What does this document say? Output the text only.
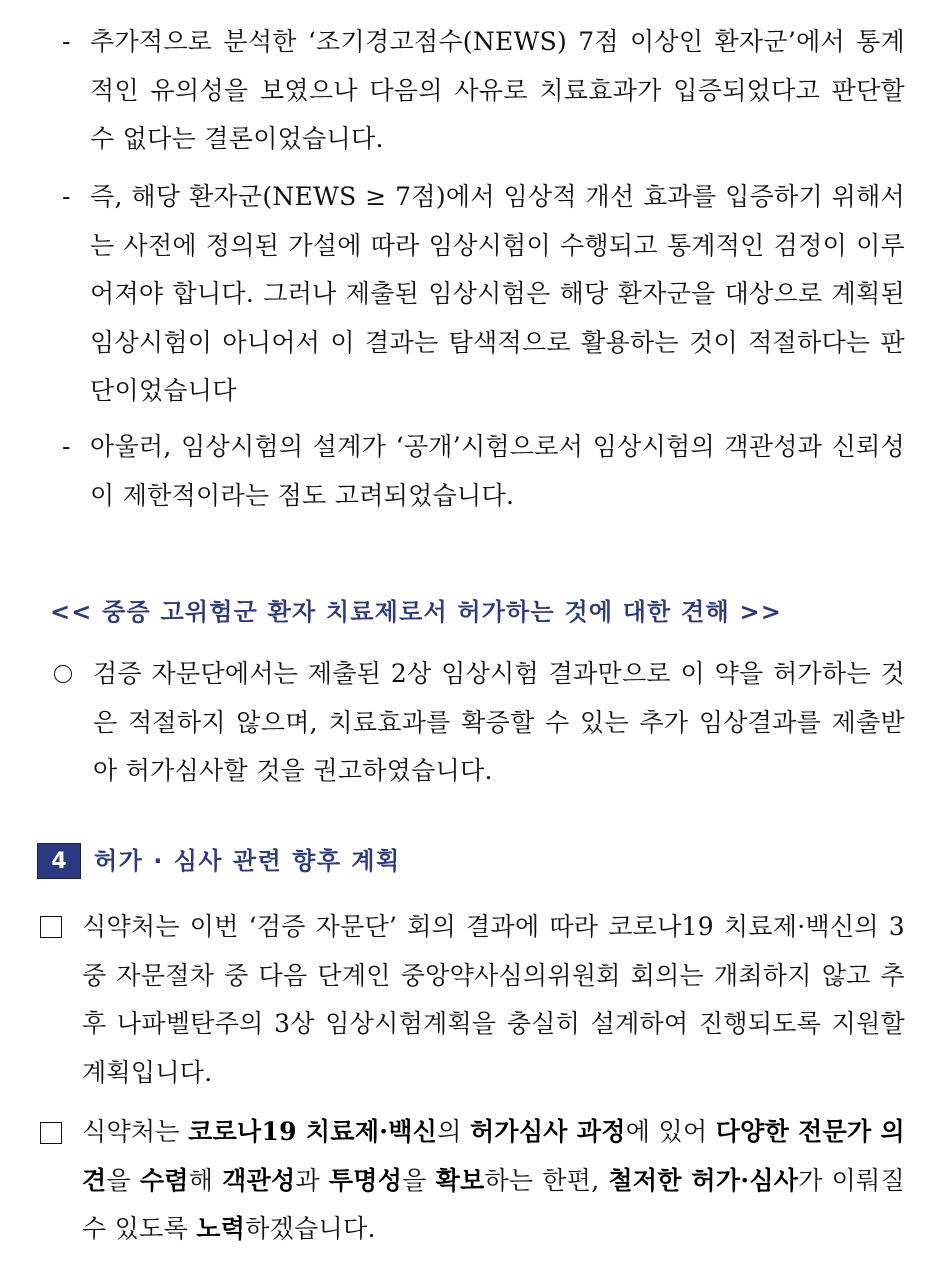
- 추가적으로 분석한 ‘조기경고점수(NEWS) 7점 이상인 환자군’에서 통계적인 유의성을 보였으나 다음의 사유로 치료효과가 입증되었다고 판단할 수 없다는 결론이었습니다.
- 즉, 해당 환자군(NEWS ≥ 7점)에서 임상적 개선 효과를 입증하기 위해서는 사전에 정의된 가설에 따라 임상시험이 수행되고 통계적인 검정이 이루어져야 합니다. 그러나 제출된 임상시험은 해당 환자군을 대상으로 계획된 임상시험이 아니어서 이 결과는 탐색적으로 활용하는 것이 적절하다는 판단이었습니다
- 아울러, 임상시험의 설계가 ‘공개’시험으로서 임상시험의 객관성과 신뢰성이 제한적이라는 점도 고려되었습니다.
<< 중증 고위험군 환자 치료제로서 허가하는 것에 대한 견해 >>
검증 자문단에서는 제출된 2상 임상시험 결과만으로 이 약을 허가하는 것은 적절하지 않으며, 치료효과를 확증할 수 있는 추가 임상결과를 제출받아 허가심사할 것을 권고하였습니다.
4	허가 · 심사 관련 향후 계획
식약처는 이번 ‘검증 자문단’ 회의 결과에 따라 코로나19 치료제·백신의 3중 자문절차 중 다음 단계인 중앙약사심의위원회 회의는 개최하지 않고 추후 나파벨탄주의 3상 임상시험계획을 충실히 설계하여 진행되도록 지원할 계획입니다.
식약처는 코로나19 치료제·백신의 허가심사 과정에 있어 다양한 전문가 의견을 수렴해 객관성과 투명성을 확보하는 한편, 철저한 허가·심사가 이뤄질 수 있도록 노력하겠습니다.
